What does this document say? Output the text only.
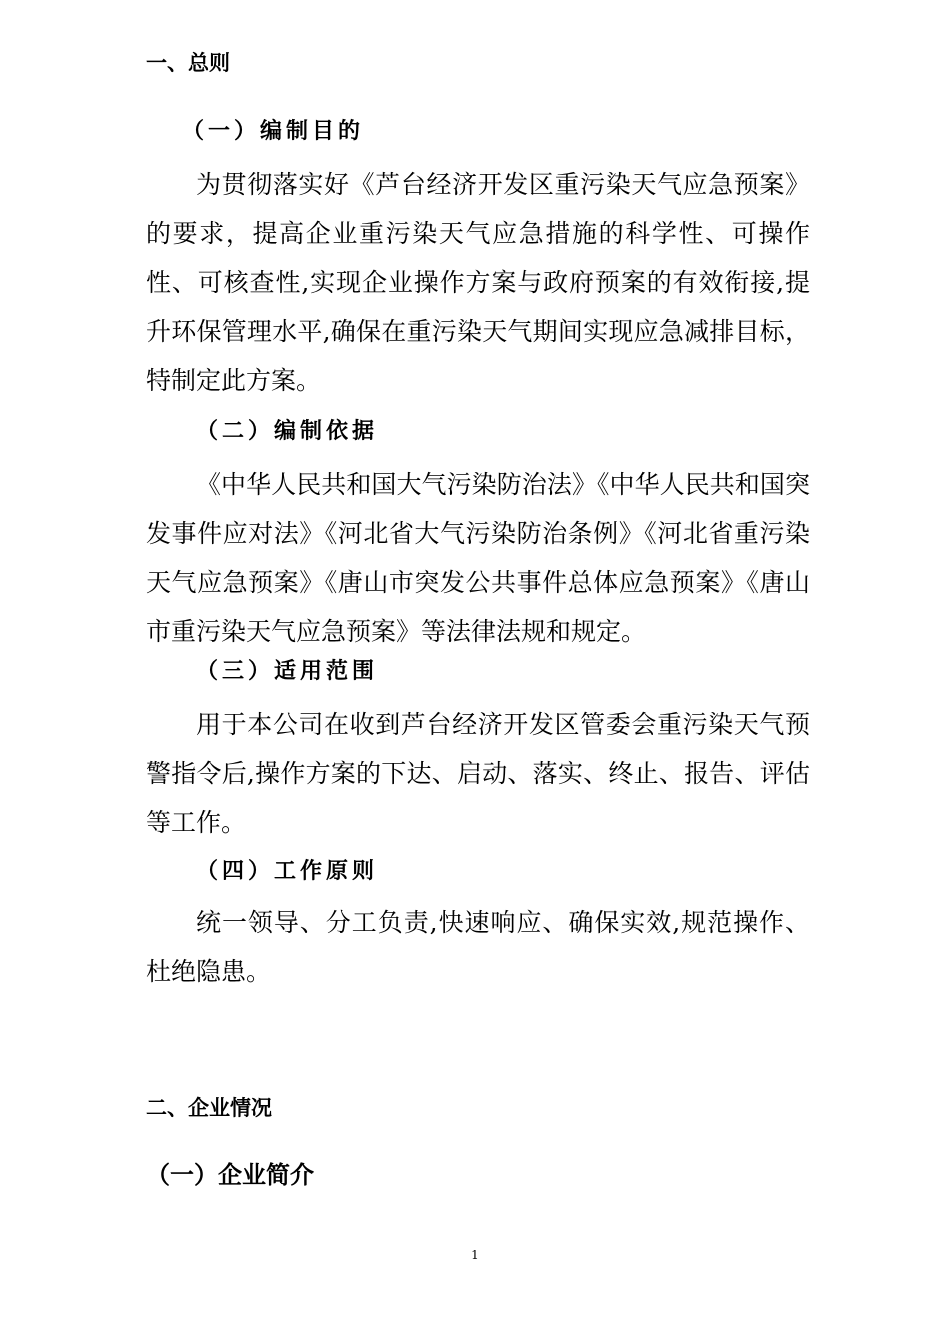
一、总则
（一）编制目的

为贯彻落实好《芦台经济开发区重污染天气应急预案》的要求，提高企业重污染天气应急措施的科学性、可操作性、可核查性,实现企业操作方案与政府预案的有效衔接,提升环保管理水平,确保在重污染天气期间实现应急减排目标，特制定此方案。

（二）编制依据

《中华人民共和国大气污染防治法》《中华人民共和国突发事件应对法》《河北省大气污染防治条例》《河北省重污染天气应急预案》《唐山市突发公共事件总体应急预案》《唐山市重污染天气应急预案》等法律法规和规定。

（三）适用范围

用于本公司在收到芦台经济开发区管委会重污染天气预警指令后,操作方案的下达、启动、落实、终止、报告、评估等工作。

（四）工作原则

统一领导、分工负责,快速响应、确保实效,规范操作、杜绝隐患。

二、企业情况
（一）企业简介
1
